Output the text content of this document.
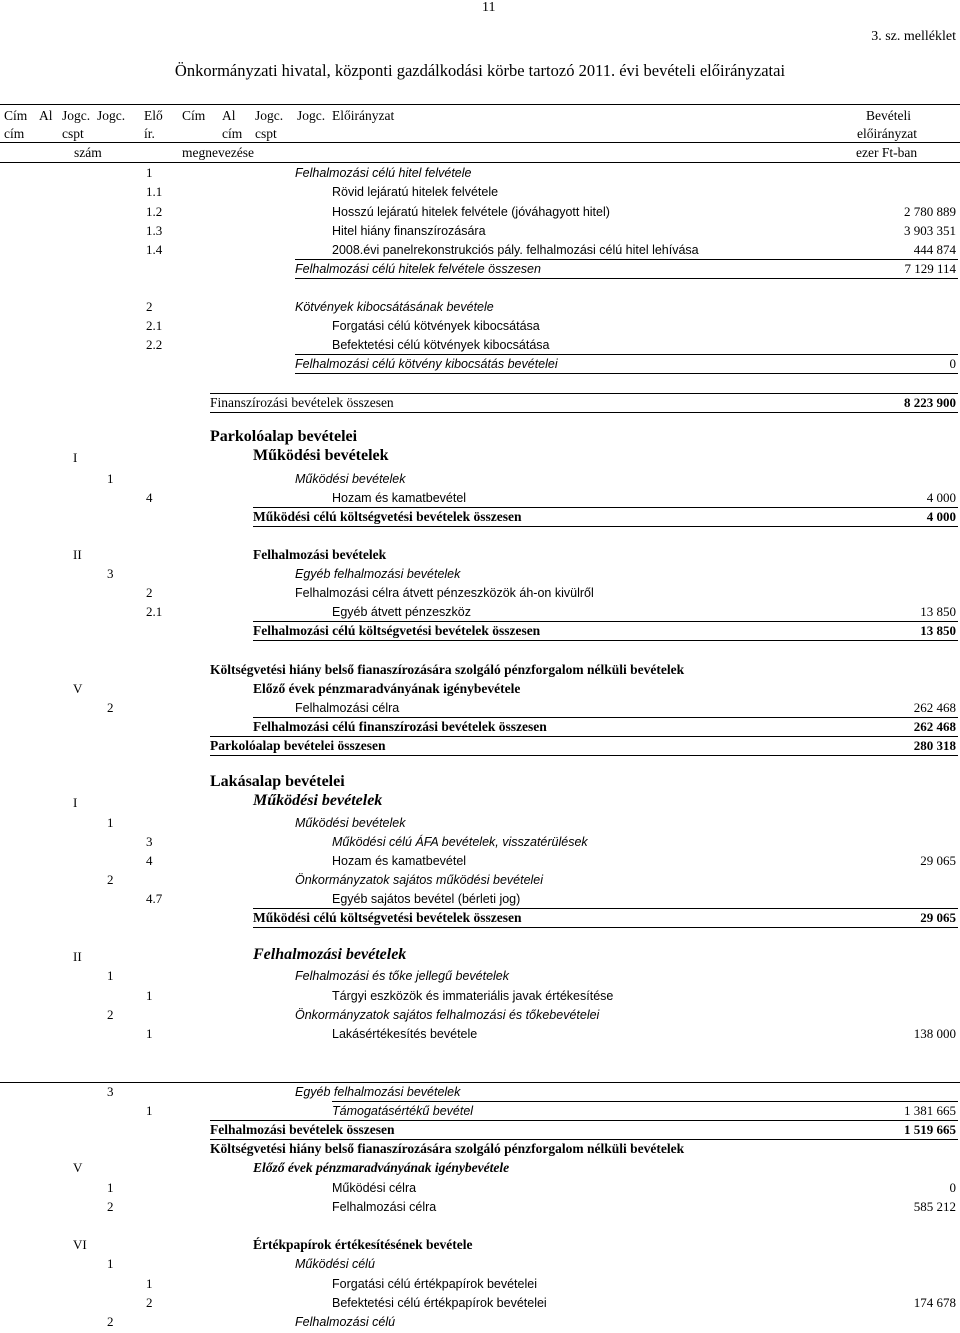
11
3. sz. melléklet
Önkormányzati hivatal, központi gazdálkodási körbe tartozó 2011. évi bevételi előirányzatai
Cím Al Jogc. Jogc. Elő Cím Al Jogc. Jogc. Előirányzat	Bevételi
cím	cspt	ír.	cím cspt	előirányzat
szám	megnevezése	ezer Ft-ban
1	Felhalmozási célú hitel felvétele
1.1	Rövid lejáratú hitelek felvétele
1.2	Hosszú lejáratú hitelek felvétele (jóváhagyott hitel)	2 780 889
1.3	Hitel hiány finanszírozására	3 903 351
1.4	2008.évi panelrekonstrukciós pály. felhalmozási célú hitel lehívása	444 874
Felhalmozási célú hitelek felvétele összesen	7 129 114
2	Kötvények kibocsátásának bevétele
2.1	Forgatási célú kötvények kibocsátása
2.2	Befektetési célú kötvények kibocsátása
Felhalmozási célú kötvény kibocsátás bevételei	0
Finanszírozási bevételek összesen	8 223 900
Parkolóalap bevételei
I	Működési bevételek
1	Működési bevételek
4	Hozam és kamatbevétel	4 000
Működési célú költségvetési bevételek összesen	4 000
II	Felhalmozási bevételek
3	Egyéb felhalmozási bevételek
2	Felhalmozási célra átvett pénzeszközök áh-on kivülről
2.1	Egyéb átvett pénzeszköz	13 850
Felhalmozási célú költségvetési bevételek összesen	13 850
Költségvetési hiány belső fianaszírozására szolgáló pénzforgalom nélküli bevételek
V	Előző évek pénzmaradványának igénybevétele
2	Felhalmozási célra	262 468
Felhalmozási célú finanszírozási bevételek összesen	262 468
Parkolóalap bevételei összesen	280 318
Lakásalap bevételei
I	Működési bevételek
1	Működési bevételek
3	Működési célú ÁFA bevételek, visszatérülések
4	Hozam és kamatbevétel	29 065
2	Önkormányzatok sajátos működési bevételei
4.7	Egyéb sajátos bevétel (bérleti jog)
Működési célú költségvetési bevételek összesen	29 065
II	Felhalmozási bevételek
1	Felhalmozási és tőke jellegű bevételek
1	Tárgyi eszközök és immateriális javak értékesítése
2	Önkormányzatok sajátos felhalmozási és tőkebevételei
1	Lakásértékesítés bevétele	138 000
3	Egyéb felhalmozási bevételek
1	Támogatásértékű bevétel	1 381 665
Felhalmozási bevételek összesen	1 519 665
Költségvetési hiány belső fianaszírozására szolgáló pénzforgalom nélküli bevételek
V	Előző évek pénzmaradványának igénybevétele
1	Működési célra	0
2	Felhalmozási célra	585 212
VI	Értékpapírok értékesítésének bevétele
1	Működési célú
1	Forgatási célú értékpapírok bevételei
2	Befektetési célú értékpapírok bevételei	174 678
2	Felhalmozási célú
